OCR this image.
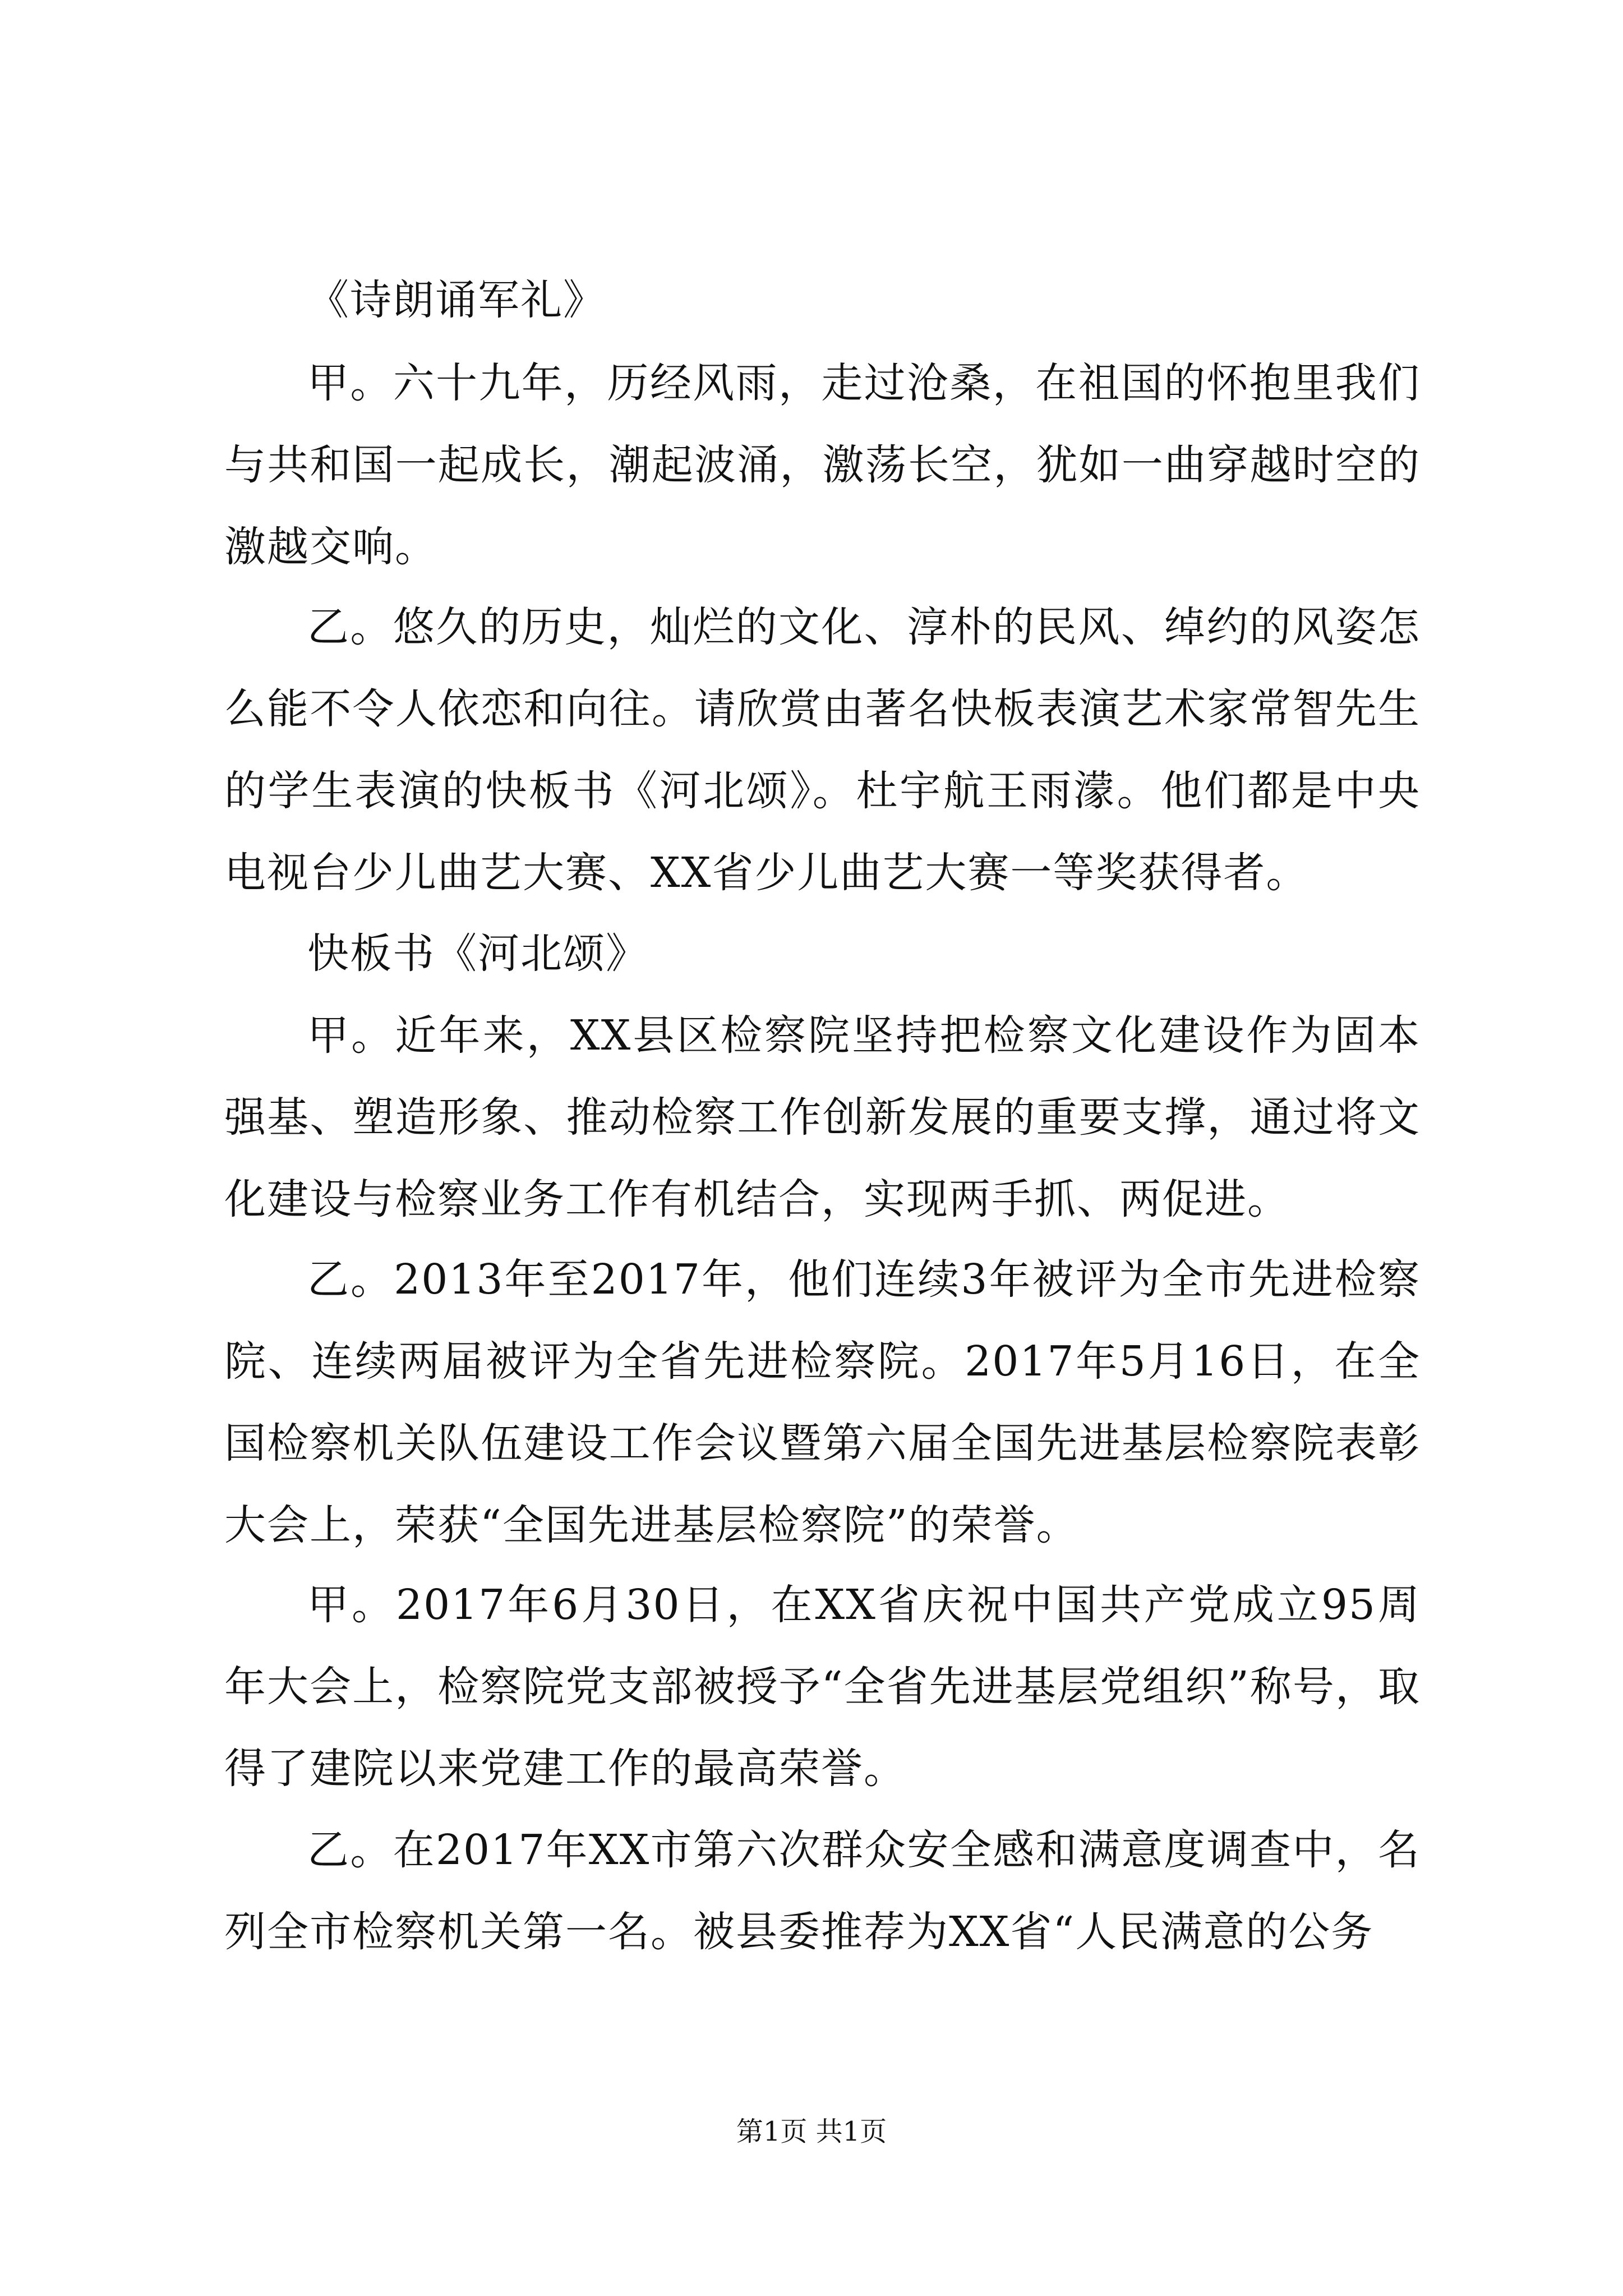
《诗朗诵军礼》

甲。六十九年，历经风雨，走过沧桑，在祖国的怀抱里我们与共和国一起成长，潮起波涌，激荡长空，犹如一曲穿越时空的激越交响。

乙。悠久的历史，灿烂的文化、淳朴的民风、绰约的风姿怎么能不令人依恋和向往。请欣赏由著名快板表演艺术家常智先生的学生表演的快板书《河北颂》。杜宇航王雨濛。他们都是中央电视台少儿曲艺大赛、XX省少儿曲艺大赛一等奖获得者。

快板书《河北颂》

甲。近年来，XX县区检察院坚持把检察文化建设作为固本强基、塑造形象、推动检察工作创新发展的重要支撑，通过将文化建设与检察业务工作有机结合，实现两手抓、两促进。

乙。2013年至2017年，他们连续3年被评为全市先进检察院、连续两届被评为全省先进检察院。2017年5月16日，在全国检察机关队伍建设工作会议暨第六届全国先进基层检察院表彰大会上，荣获“全国先进基层检察院”的荣誉。

甲。2017年6月30日，在XX省庆祝中国共产党成立95周年大会上，检察院党支部被授予“全省先进基层党组织”称号，取得了建院以来党建工作的最高荣誉。

乙。在2017年XX市第六次群众安全感和满意度调查中，名列全市检察机关第一名。被县委推荐为XX省“人民满意的公务

第1页 共1页
